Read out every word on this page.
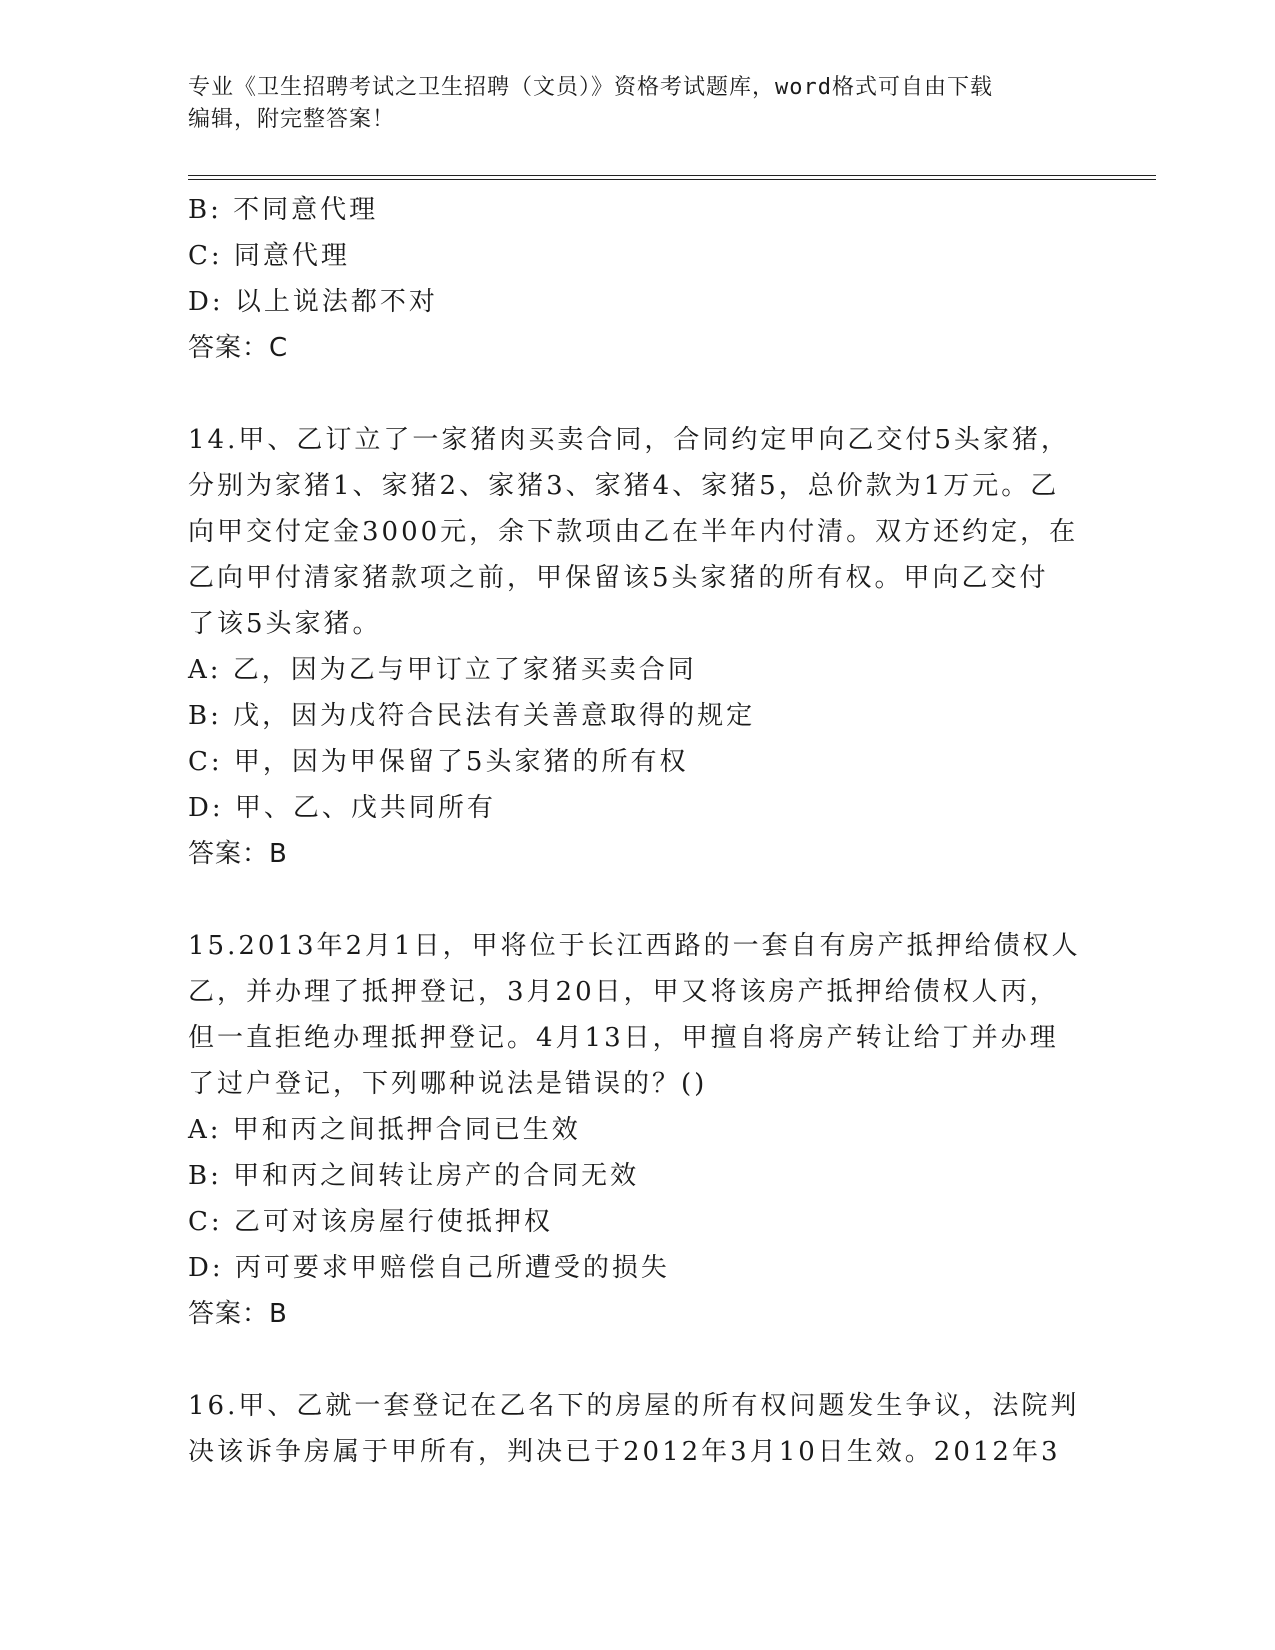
专业《卫生招聘考试之卫生招聘（文员）》资格考试题库，word格式可自由下载
编辑，附完整答案！
B: 不同意代理
C: 同意代理
D: 以上说法都不对
答案：C
14.甲、乙订立了一家猪肉买卖合同，合同约定甲向乙交付5头家猪，
分别为家猪1、家猪2、家猪3、家猪4、家猪5，总价款为1万元。乙
向甲交付定金3000元，余下款项由乙在半年内付清。双方还约定，在
乙向甲付清家猪款项之前，甲保留该5头家猪的所有权。甲向乙交付
了该5头家猪。
A: 乙，因为乙与甲订立了家猪买卖合同
B: 戊，因为戊符合民法有关善意取得的规定
C: 甲，因为甲保留了5头家猪的所有权
D: 甲、乙、戊共同所有
答案：B
15.2013年2月1日，甲将位于长江西路的一套自有房产抵押给债权人
乙，并办理了抵押登记，3月20日，甲又将该房产抵押给债权人丙，
但一直拒绝办理抵押登记。4月13日，甲擅自将房产转让给丁并办理
了过户登记，下列哪种说法是错误的？()
A: 甲和丙之间抵押合同已生效
B: 甲和丙之间转让房产的合同无效
C: 乙可对该房屋行使抵押权
D: 丙可要求甲赔偿自己所遭受的损失
答案：B
16.甲、乙就一套登记在乙名下的房屋的所有权问题发生争议，法院判
决该诉争房属于甲所有，判决已于2012年3月10日生效。2012年3
